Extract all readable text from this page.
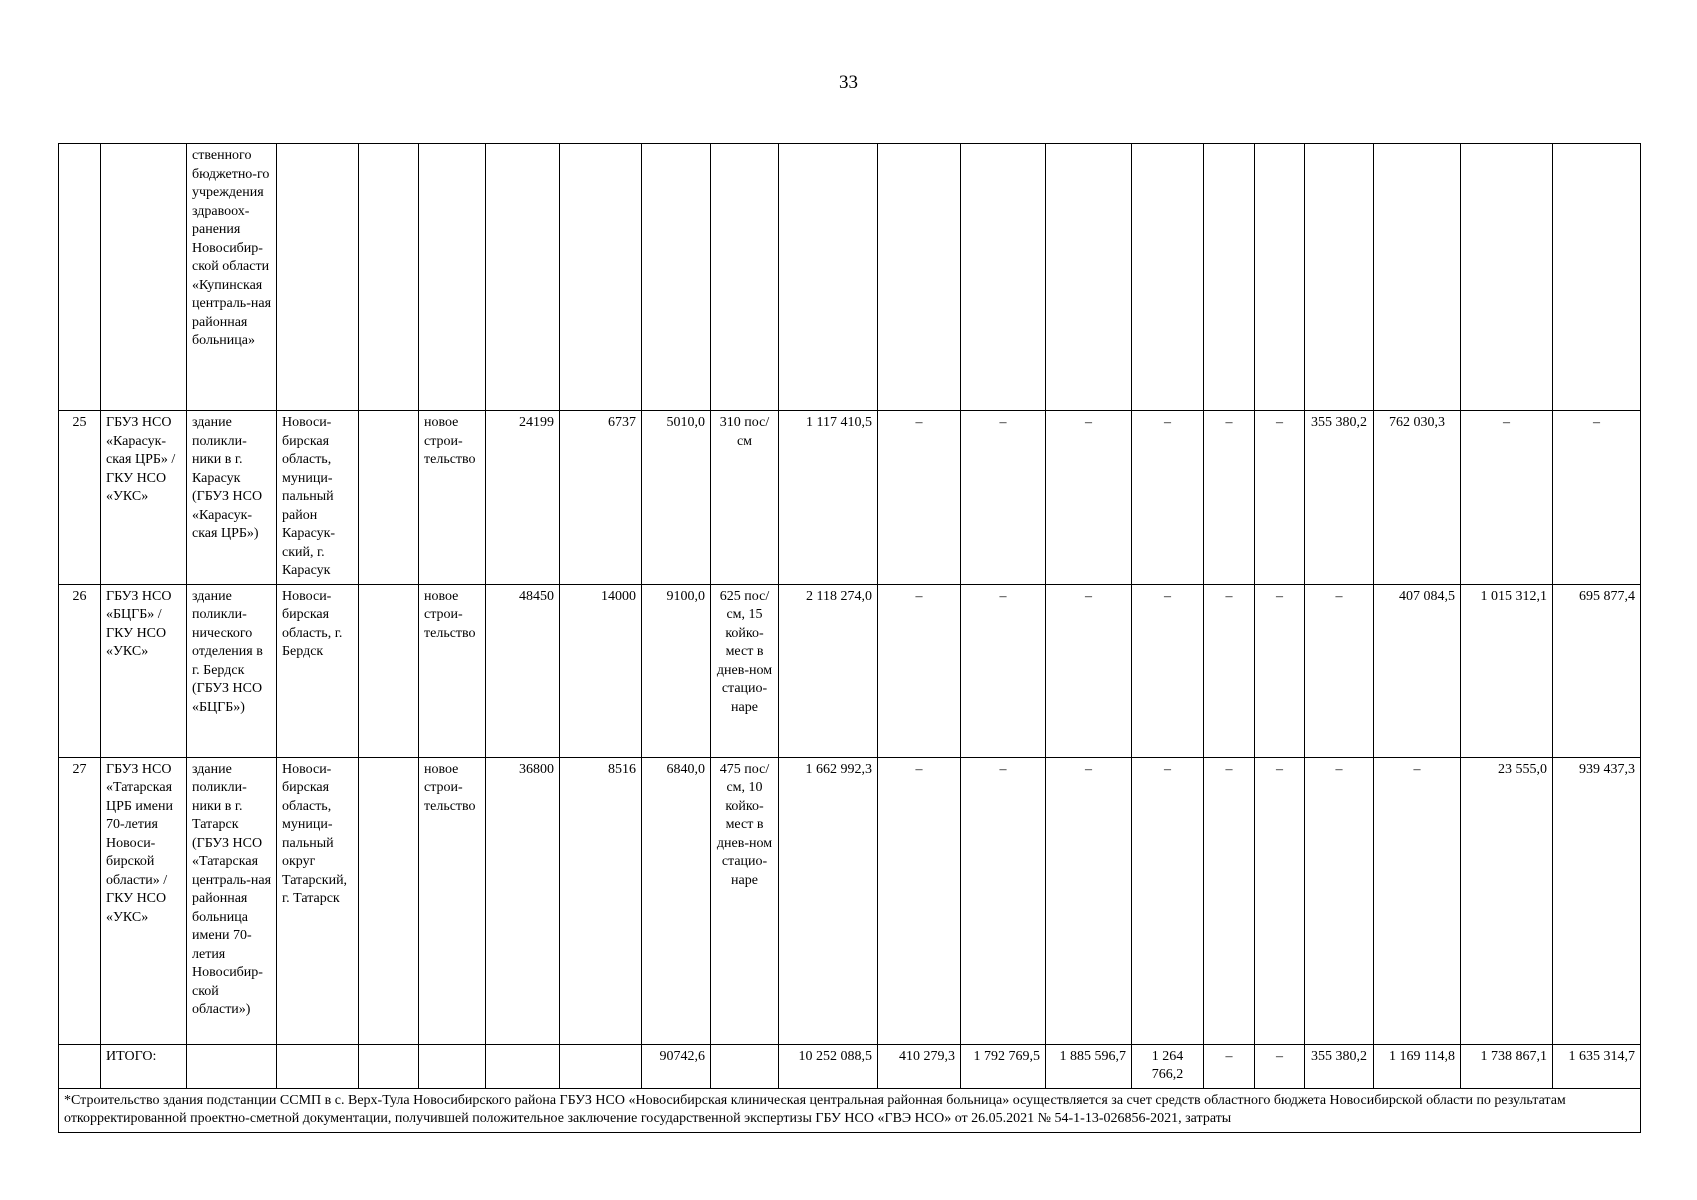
33
		ственного бюджетно-го учреждения здравоох-ранения Новосибир-ской области «Купинская централь-ная районная больница»																		
25	ГБУЗ НСО «Карасук-ская ЦРБ» / ГКУ НСО «УКС»	здание поликли-ники в г. Карасук (ГБУЗ НСО «Карасук-ская ЦРБ»)	Новоси-бирская область, муници-пальный район Карасук-ский, г. Карасук		новое строи-тельство	24199	6737	5010,0	310 пос/см	1 117 410,5	–	–	–	–	–	–	355 380,2	762 030,3	–	–
26	ГБУЗ НСО «БЦГБ» / ГКУ НСО «УКС»	здание поликли-нического отделения в г. Бердск (ГБУЗ НСО «БЦГБ»)	Новоси-бирская область, г. Бердск		новое строи-тельство	48450	14000	9100,0	625 пос/см, 15 койко-мест в днев-ном стацио-наре	2 118 274,0	–	–	–	–	–	–	–	407 084,5	1 015 312,1	695 877,4
27	ГБУЗ НСО «Татарская ЦРБ имени 70-летия Новоси-бирской области» / ГКУ НСО «УКС»	здание поликли-ники в г. Татарск (ГБУЗ НСО «Татарская централь-ная районная больница имени 70-летия Новосибир-ской области»)	Новоси-бирская область, муници-пальный округ Татарский, г. Татарск		новое строи-тельство	36800	8516	6840,0	475 пос/см, 10 койко-мест в днев-ном стацио-наре	1 662 992,3	–	–	–	–	–	–	–	–	23 555,0	939 437,3
	ИТОГО:							90742,6		10 252 088,5	410 279,3	1 792 769,5	1 885 596,7	1 264 766,2	–	–	355 380,2	1 169 114,8	1 738 867,1	1 635 314,7
*Строительство здания подстанции ССМП в с. Верх-Тула Новосибирского района ГБУЗ НСО «Новосибирская клиническая центральная районная больница» осуществляется за счет средств областного бюджета Новосибирской области по результатам откорректированной проектно-сметной документации, получившей положительное заключение государственной экспертизы ГБУ НСО «ГВЭ НСО» от 26.05.2021 № 54-1-13-026856-2021, затраты																				
